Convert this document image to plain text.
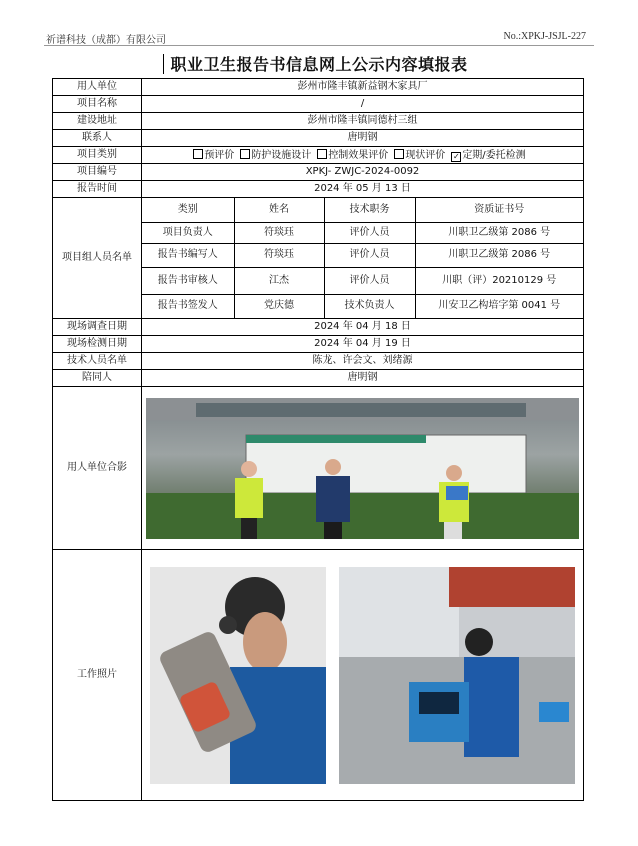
祈谱科技（成都）有限公司	No.:XPKJ-JSJL-227
职业卫生报告书信息网上公示内容填报表
用人单位	彭州市隆丰镇新益钢木家具厂
项目名称	/
建设地址	彭州市隆丰镇同德村三组
联系人	唐明钢
项目类别	预评价 防护设施设计 控制效果评价 现状评价 ✓ 定期/委托检测
项目编号	XPKJ- ZWJC-2024-0092
报告时间	2024 年 05 月 13 日
项目组人员名单	
类别	姓名	技术职务	资质证书号
项目负责人	符琰珏	评价人员	川职卫乙级第 2086 号
报告书编写人	符琰珏	评价人员	川职卫乙级第 2086 号
报告书审核人	江杰	评价人员	川职（评）20210129 号
报告书签发人	党庆德	技术负责人	川安卫乙构培字第 0041 号

现场调查日期	2024 年 04 月 18 日
现场检测日期	2024 年 04 月 19 日
技术人员名单	陈龙、许会文、刘绪源
陪同人	唐明钢
用人单位合影	

工作照片	
